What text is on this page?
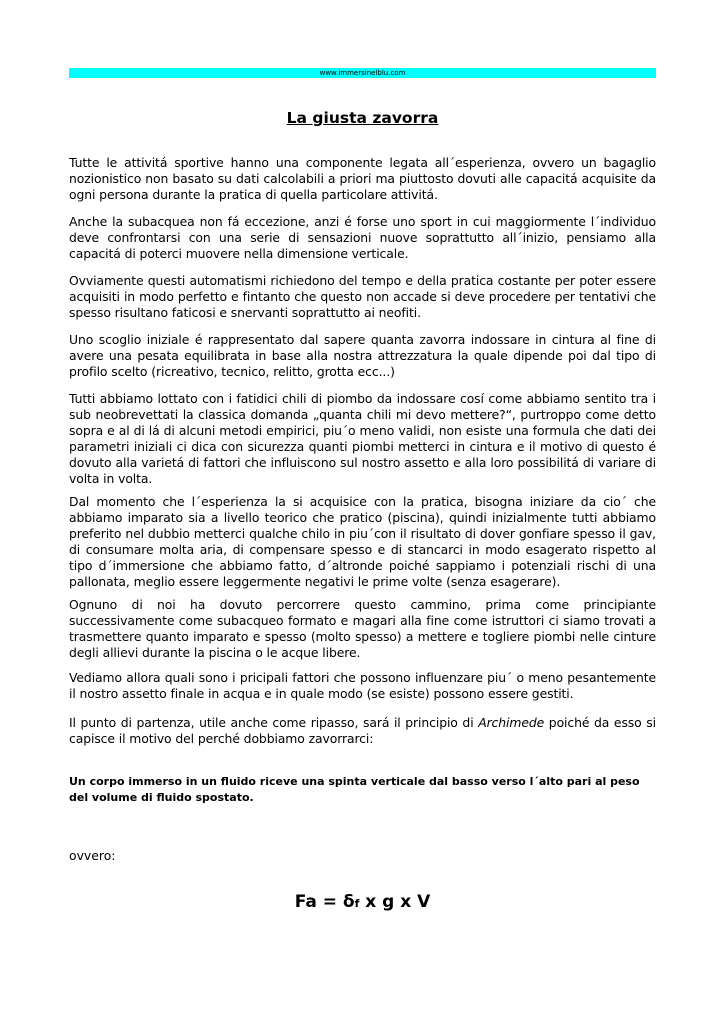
www.immersinelblu.com
La giusta zavorra

Tutte le attivitá sportive hanno una componente legata all´esperienza, ovvero un bagaglio nozionistico non basato su dati calcolabili a priori ma piuttosto dovuti alle capacitá acquisite da ogni persona durante la pratica di quella particolare attivitá.

Anche la subacquea non fá eccezione, anzi é forse uno sport in cui maggiormente l´individuo deve confrontarsi con una serie di sensazioni nuove soprattutto all´inizio, pensiamo alla capacitá di poterci muovere nella dimensione verticale.

Ovviamente questi automatismi richiedono del tempo e della pratica costante per poter essere acquisiti in modo perfetto e fintanto che questo non accade si deve procedere per tentativi che spesso risultano faticosi e snervanti soprattutto ai neofiti.

Uno scoglio iniziale é rappresentato dal sapere quanta zavorra indossare in cintura al fine di avere una pesata equilibrata in base alla nostra attrezzatura la quale dipende poi dal tipo di profilo scelto (ricreativo, tecnico, relitto, grotta ecc...)

Tutti abbiamo lottato con i fatidici chili di piombo da indossare cosí come abbiamo sentito tra i sub neobrevettati la classica domanda „quanta chili mi devo mettere?“, purtroppo come detto sopra e al di lá di alcuni metodi empirici, piu´o meno validi, non esiste una formula che dati dei parametri iniziali ci dica con sicurezza quanti piombi metterci in cintura e il motivo di questo é dovuto alla varietá di fattori che influiscono sul nostro assetto e alla loro possibilitá di variare di volta in volta.

Dal momento che l´esperienza la si acquisice con la pratica, bisogna iniziare da cio´ che abbiamo imparato sia a livello teorico che pratico (piscina), quindi inizialmente tutti abbiamo preferito nel dubbio metterci qualche chilo in piu´con il risultato di dover gonfiare spesso il gav, di consumare molta aria, di compensare spesso e di stancarci in modo esagerato rispetto al tipo d´immersione che abbiamo fatto, d´altronde poiché sappiamo i potenziali rischi di una pallonata, meglio essere leggermente negativi le prime volte (senza esagerare).

Ognuno di noi ha dovuto percorrere questo cammino, prima come principiante successivamente come subacqueo formato e magari alla fine come istruttori ci siamo trovati a trasmettere quanto imparato e spesso (molto spesso) a mettere e togliere piombi nelle cinture degli allievi durante la piscina o le acque libere.

Vediamo allora quali sono i pricipali fattori che possono influenzare piu´ o meno pesantemente il nostro assetto finale in acqua e in quale modo (se esiste) possono essere gestiti.

Il punto di partenza, utile anche come ripasso, sará il principio di Archimede poiché da esso si capisce il motivo del perché dobbiamo zavorrarci:

Un corpo immerso in un fluido riceve una spinta verticale dal basso verso l´alto pari al peso del volume di fluido spostato.

ovvero:

Fa = δf x g x V
